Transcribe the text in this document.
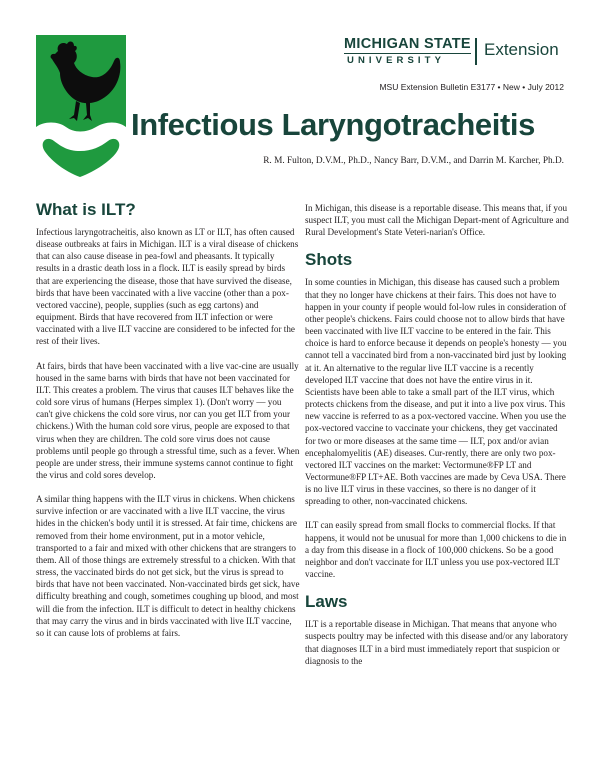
MICHIGAN STATE
UNIVERSITY
Extension
MSU Extension Bulletin E3177 • New • July 2012
Infectious Laryngotracheitis
R. M. Fulton, D.V.M., Ph.D., Nancy Barr, D.V.M., and Darrin M. Karcher, Ph.D.
What is ILT?

Infectious laryngotracheitis, also known as LT or ILT, has often caused disease outbreaks at fairs in Michigan. ILT is a viral disease of chickens that can also cause disease in pea-fowl and pheasants. It typically results in a drastic death loss in a flock. ILT is easily spread by birds that are experiencing the disease, those that have survived the disease, birds that have been vaccinated with a live vaccine (other than a pox-vectored vaccine), people, supplies (such as egg cartons) and equipment. Birds that have recovered from ILT infection or were vaccinated with a live ILT vaccine are considered to be infected for the rest of their lives.

At fairs, birds that have been vaccinated with a live vac-cine are usually housed in the same barns with birds that have not been vaccinated for ILT. This creates a problem. The virus that causes ILT behaves like the cold sore virus of humans (Herpes simplex 1). (Don't worry — you can't give chickens the cold sore virus, nor can you get ILT from your chickens.) With the human cold sore virus, people are exposed to that virus when they are children. The cold sore virus does not cause problems until people go through a stressful time, such as a fever. When people are under stress, their immune systems cannot continue to fight the virus and cold sores develop.

A similar thing happens with the ILT virus in chickens. When chickens survive infection or are vaccinated with a live ILT vaccine, the virus hides in the chicken's body until it is stressed. At fair time, chickens are removed from their home environment, put in a motor vehicle, transported to a fair and mixed with other chickens that are strangers to them. All of those things are extremely stressful to a chicken. With that stress, the vaccinated birds do not get sick, but the virus is spread to birds that have not been vaccinated. Non-vaccinated birds get sick, have difficulty breathing and cough, sometimes coughing up blood, and most will die from the infection. ILT is difficult to detect in healthy chickens that may carry the virus and in birds vaccinated with live ILT vaccine, so it can cause lots of problems at fairs.

In Michigan, this disease is a reportable disease. This means that, if you suspect ILT, you must call the Michigan Depart-ment of Agriculture and Rural Development's State Veteri-narian's Office.

Shots

In some counties in Michigan, this disease has caused such a problem that they no longer have chickens at their fairs. This does not have to happen in your county if people would fol-low rules in consideration of other people's chickens. Fairs could choose not to allow birds that have been vaccinated with live ILT vaccine to be entered in the fair. This choice is hard to enforce because it depends on people's honesty — you cannot tell a vaccinated bird from a non-vaccinated bird just by looking at it. An alternative to the regular live ILT vaccine is a recently developed ILT vaccine that does not have the entire virus in it. Scientists have been able to take a small part of the ILT virus, which protects chickens from the disease, and put it into a live pox virus. This new vaccine is referred to as a pox-vectored vaccine. When you use the pox-vectored vaccine to vaccinate your chickens, they get vaccinated for two or more diseases at the same time — ILT, pox and/or avian encephalomyelitis (AE) diseases. Cur-rently, there are only two pox-vectored ILT vaccines on the market: Vectormune®FP LT and Vectormune®FP LT+AE. Both vaccines are made by Ceva USA. There is no live ILT virus in these vaccines, so there is no danger of it spreading to other, non-vaccinated chickens.

ILT can easily spread from small flocks to commercial flocks. If that happens, it would not be unusual for more than 1,000 chickens to die in a day from this disease in a flock of 100,000 chickens. So be a good neighbor and don't vaccinate for ILT unless you use pox-vectored ILT vaccine.

Laws

ILT is a reportable disease in Michigan. That means that anyone who suspects poultry may be infected with this disease and/or any laboratory that diagnoses ILT in a bird must immediately report that suspicion or diagnosis to the
